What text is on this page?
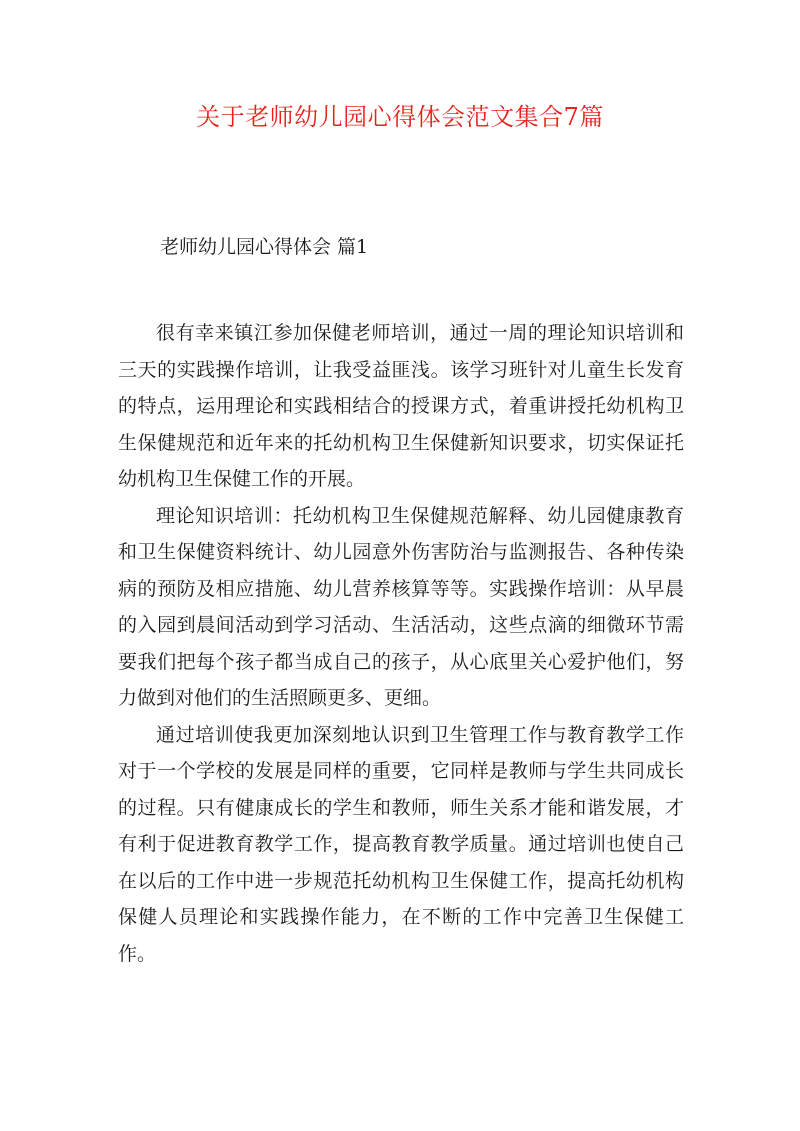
关于老师幼儿园心得体会范文集合7篇
老师幼儿园心得体会 篇1

很有幸来镇江参加保健老师培训，通过一周的理论知识培训和三天的实践操作培训，让我受益匪浅。该学习班针对儿童生长发育的特点，运用理论和实践相结合的授课方式，着重讲授托幼机构卫生保健规范和近年来的托幼机构卫生保健新知识要求，切实保证托幼机构卫生保健工作的开展。

理论知识培训：托幼机构卫生保健规范解释、幼儿园健康教育和卫生保健资料统计、幼儿园意外伤害防治与监测报告、各种传染病的预防及相应措施、幼儿营养核算等等。实践操作培训：从早晨的入园到晨间活动到学习活动、生活活动，这些点滴的细微环节需要我们把每个孩子都当成自己的孩子，从心底里关心爱护他们，努力做到对他们的生活照顾更多、更细。

通过培训使我更加深刻地认识到卫生管理工作与教育教学工作对于一个学校的发展是同样的重要，它同样是教师与学生共同成长的过程。只有健康成长的学生和教师，师生关系才能和谐发展，才有利于促进教育教学工作，提高教育教学质量。通过培训也使自己在以后的工作中进一步规范托幼机构卫生保健工作，提高托幼机构保健人员理论和实践操作能力，在不断的工作中完善卫生保健工作。
